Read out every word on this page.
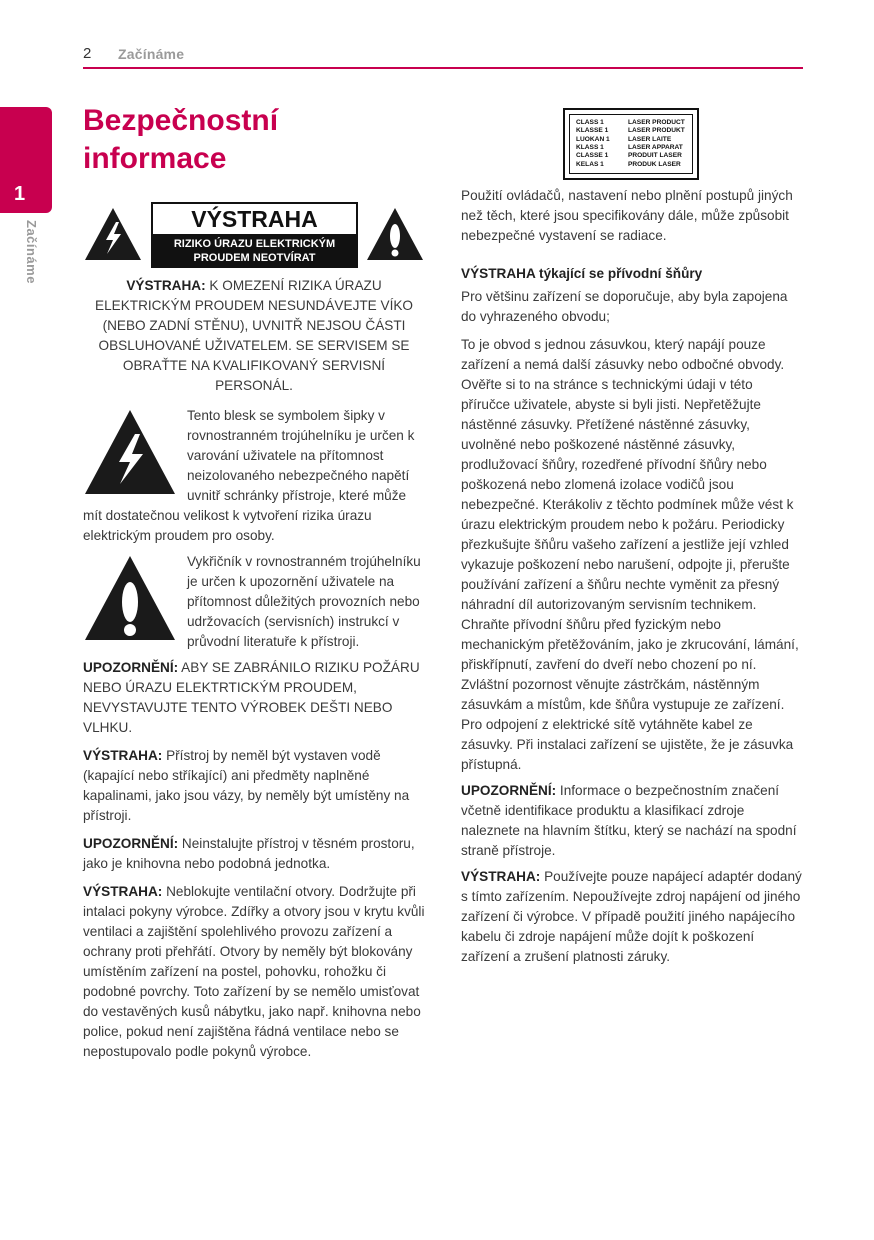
2 Začínáme
1
Začínáme
Bezpečnostní informace
VÝSTRAHA
RIZIKO ÚRAZU ELEKTRICKÝM
PROUDEM NEOTVÍRAT

VÝSTRAHA: K OMEZENÍ RIZIKA ÚRAZU ELEKTRICKÝM PROUDEM NESUNDÁVEJTE VÍKO (NEBO ZADNÍ STĚNU), UVNITŘ NEJSOU ČÁSTI OBSLUHOVANÉ UŽIVATELEM. SE SERVISEM SE OBRAŤTE NA KVALIFIKOVANÝ SERVISNÍ PERSONÁL.

Tento blesk se symbolem šipky v rovnostranném trojúhelníku je určen k varování uživatele na přítomnost neizolovaného nebezpečného napětí uvnitř schránky přístroje, které může mít dostatečnou velikost k vytvoření rizika úrazu elektrickým proudem pro osoby.

Vykřičník v rovnostranném trojúhelníku je určen k upozornění uživatele na přítomnost důležitých provozních nebo udržovacích (servisních) instrukcí v průvodní literatuře k přístroji.

UPOZORNĚNÍ: ABY SE ZABRÁNILO RIZIKU POŽÁRU NEBO ÚRAZU ELEKTRTICKÝM PROUDEM, NEVYSTAVUJTE TENTO VÝROBEK DEŠTI NEBO VLHKU.

VÝSTRAHA: Přístroj by neměl být vystaven vodě (kapající nebo stříkající) ani předměty naplněné kapalinami, jako jsou vázy, by neměly být umístěny na přístroji.

UPOZORNĚNÍ: Neinstalujte přístroj v těsném prostoru, jako je knihovna nebo podobná jednotka.

VÝSTRAHA: Neblokujte ventilační otvory. Dodržujte při intalaci pokyny výrobce. Zdířky a otvory jsou v krytu kvůli ventilaci a zajištění spolehlivého provozu zařízení a ochrany proti přehřátí. Otvory by neměly být blokovány umístěním zařízení na postel, pohovku, rohožku či podobné povrchy. Toto zařízení by se nemělo umisťovat do vestavěných kusů nábytku, jako např. knihovna nebo police, pokud není zajištěna řádná ventilace nebo se nepostupovalo podle pokynů výrobce.

CLASS 1	LASER PRODUCT
KLASSE 1	LASER PRODUKT
LUOKAN 1	LASER LAITE
KLASS 1	LASER APPARAT
CLASSE 1	PRODUIT LASER
KELAS 1	PRODUK LASER

Použití ovládačů, nastavení nebo plnění postupů jiných než těch, které jsou specifikovány dále, může způsobit nebezpečné vystavení se radiace.

VÝSTRAHA týkající se přívodní šňůry

Pro většinu zařízení se doporučuje, aby byla zapojena do vyhrazeného obvodu;

To je obvod s jednou zásuvkou, který napájí pouze zařízení a nemá další zásuvky nebo odbočné obvody. Ověřte si to na stránce s technickými údaji v této příručce uživatele, abyste si byli jisti. Nepřetěžujte nástěnné zásuvky. Přetížené nástěnné zásuvky, uvolněné nebo poškozené nástěnné zásuvky, prodlužovací šňůry, rozedřené přívodní šňůry nebo poškozená nebo zlomená izolace vodičů jsou nebezpečné. Kterákoliv z těchto podmínek může vést k úrazu elektrickým proudem nebo k požáru. Periodicky přezkušujte šňůru vašeho zařízení a jestliže její vzhled vykazuje poškození nebo narušení, odpojte ji, přerušte používání zařízení a šňůru nechte vyměnit za přesný náhradní díl autorizovaným servisním technikem. Chraňte přívodní šňůru před fyzickým nebo mechanickým přetěžováním, jako je zkrucování, lámání, přiskřípnutí, zavření do dveří nebo chození po ní. Zvláštní pozornost věnujte zástrčkám, nástěnným zásuvkám a místům, kde šňůra vystupuje ze zařízení. Pro odpojení z elektrické sítě vytáhněte kabel ze zásuvky. Při instalaci zařízení se ujistěte, že je zásuvka přístupná.

UPOZORNĚNÍ: Informace o bezpečnostním značení včetně identifikace produktu a klasifikací zdroje naleznete na hlavním štítku, který se nachází na spodní straně přístroje.

VÝSTRAHA: Používejte pouze napájecí adaptér dodaný s tímto zařízením. Nepoužívejte zdroj napájení od jiného zařízení či výrobce. V případě použití jiného napájecího kabelu či zdroje napájení může dojít k poškození zařízení a zrušení platnosti záruky.
